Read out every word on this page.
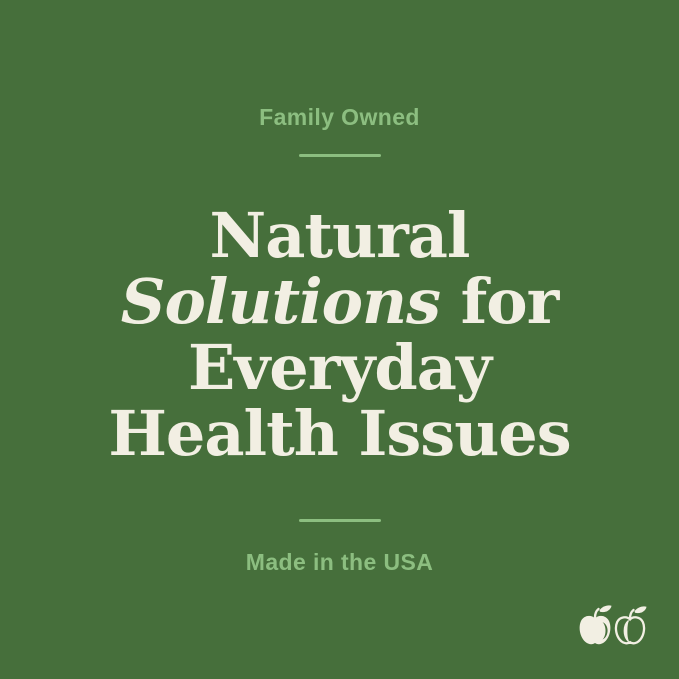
Family Owned
Natural
Solutions for
Everyday
Health Issues
Made in the USA
